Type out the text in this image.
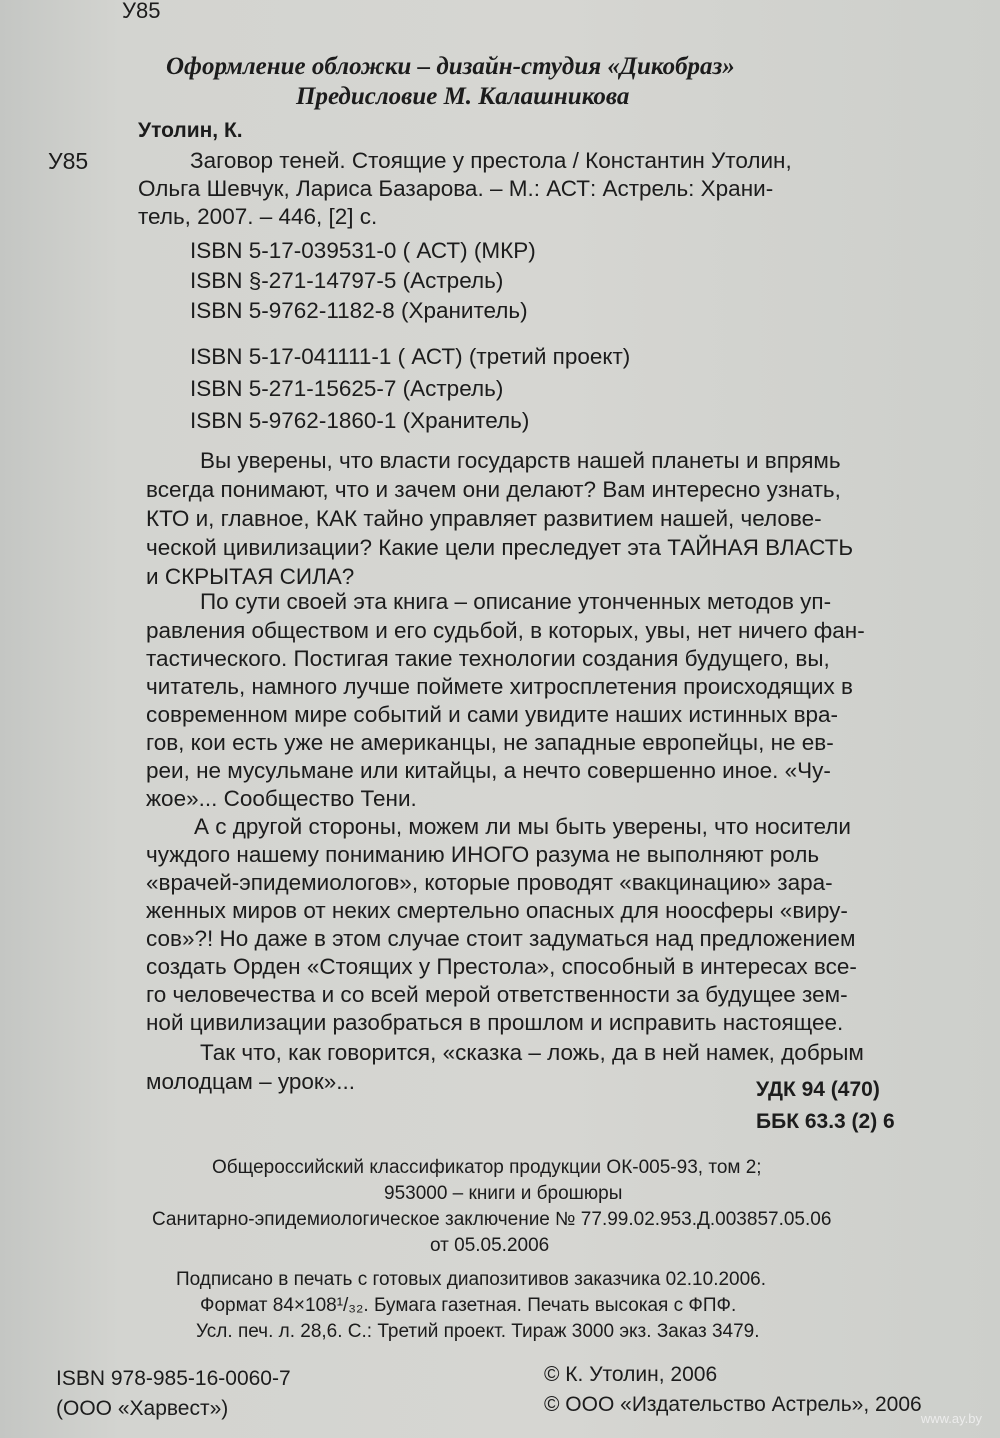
У85
Оформление обложки – дизайн-студия «Дикобраз»
Предисловие М. Калашникова
Утолин, К.
У85	Заговор теней. Стоящие у престола / Константин Утолин,
Ольга Шевчук, Лариса Базарова. – М.: АСТ: Астрель: Храни-
тель, 2007. – 446, [2] с.
ISBN 5-17-039531-0 ( АСТ) (МКР)
ISBN §-271-14797-5 (Астрель)
ISBN 5-9762-1182-8 (Хранитель)
ISBN 5-17-041111-1 ( АСТ) (третий проект)
ISBN 5-271-15625-7 (Астрель)
ISBN 5-9762-1860-1 (Хранитель)
Вы уверены, что власти государств нашей планеты и впрямь
всегда понимают, что и зачем они делают? Вам интересно узнать,
КТО и, главное, КАК тайно управляет развитием нашей, челове-
ческой цивилизации? Какие цели преследует эта ТАЙНАЯ ВЛАСТЬ
и СКРЫТАЯ СИЛА?
По сути своей эта книга – описание утонченных методов уп-
равления обществом и его судьбой, в которых, увы, нет ничего фан-
тастического. Постигая такие технологии создания будущего, вы,
читатель, намного лучше поймете хитросплетения происходящих в
современном мире событий и сами увидите наших истинных вра-
гов, кои есть уже не американцы, не западные европейцы, не ев-
реи, не мусульмане или китайцы, а нечто совершенно иное. «Чу-
жое»... Сообщество Тени.
А с другой стороны, можем ли мы быть уверены, что носители
чуждого нашему пониманию ИНОГО разума не выполняют роль
«врачей-эпидемиологов», которые проводят «вакцинацию» зара-
женных миров от неких смертельно опасных для ноосферы «виру-
сов»?! Но даже в этом случае стоит задуматься над предложением
создать Орден «Стоящих у Престола», способный в интересах все-
го человечества и со всей мерой ответственности за будущее зем-
ной цивилизации разобраться в прошлом и исправить настоящее.
Так что, как говорится, «сказка – ложь, да в ней намек, добрым
молодцам – урок»...	УДК 94 (470)
ББК 63.3 (2) 6
Общероссийский классификатор продукции ОК-005-93, том 2;
953000 – книги и брошюры
Санитарно-эпидемиологическое заключение № 77.99.02.953.Д.003857.05.06
от 05.05.2006
Подписано в печать с готовых диапозитивов заказчика 02.10.2006.
Формат 84×108¹/₃₂. Бумага газетная. Печать высокая с ФПФ.
Усл. печ. л. 28,6. С.: Третий проект. Тираж 3000 экз. Заказ 3479.
ISBN 978-985-16-0060-7
(ООО «Харвест»)
© К. Утолин, 2006
© ООО «Издательство Астрель», 2006
www.ay.by
